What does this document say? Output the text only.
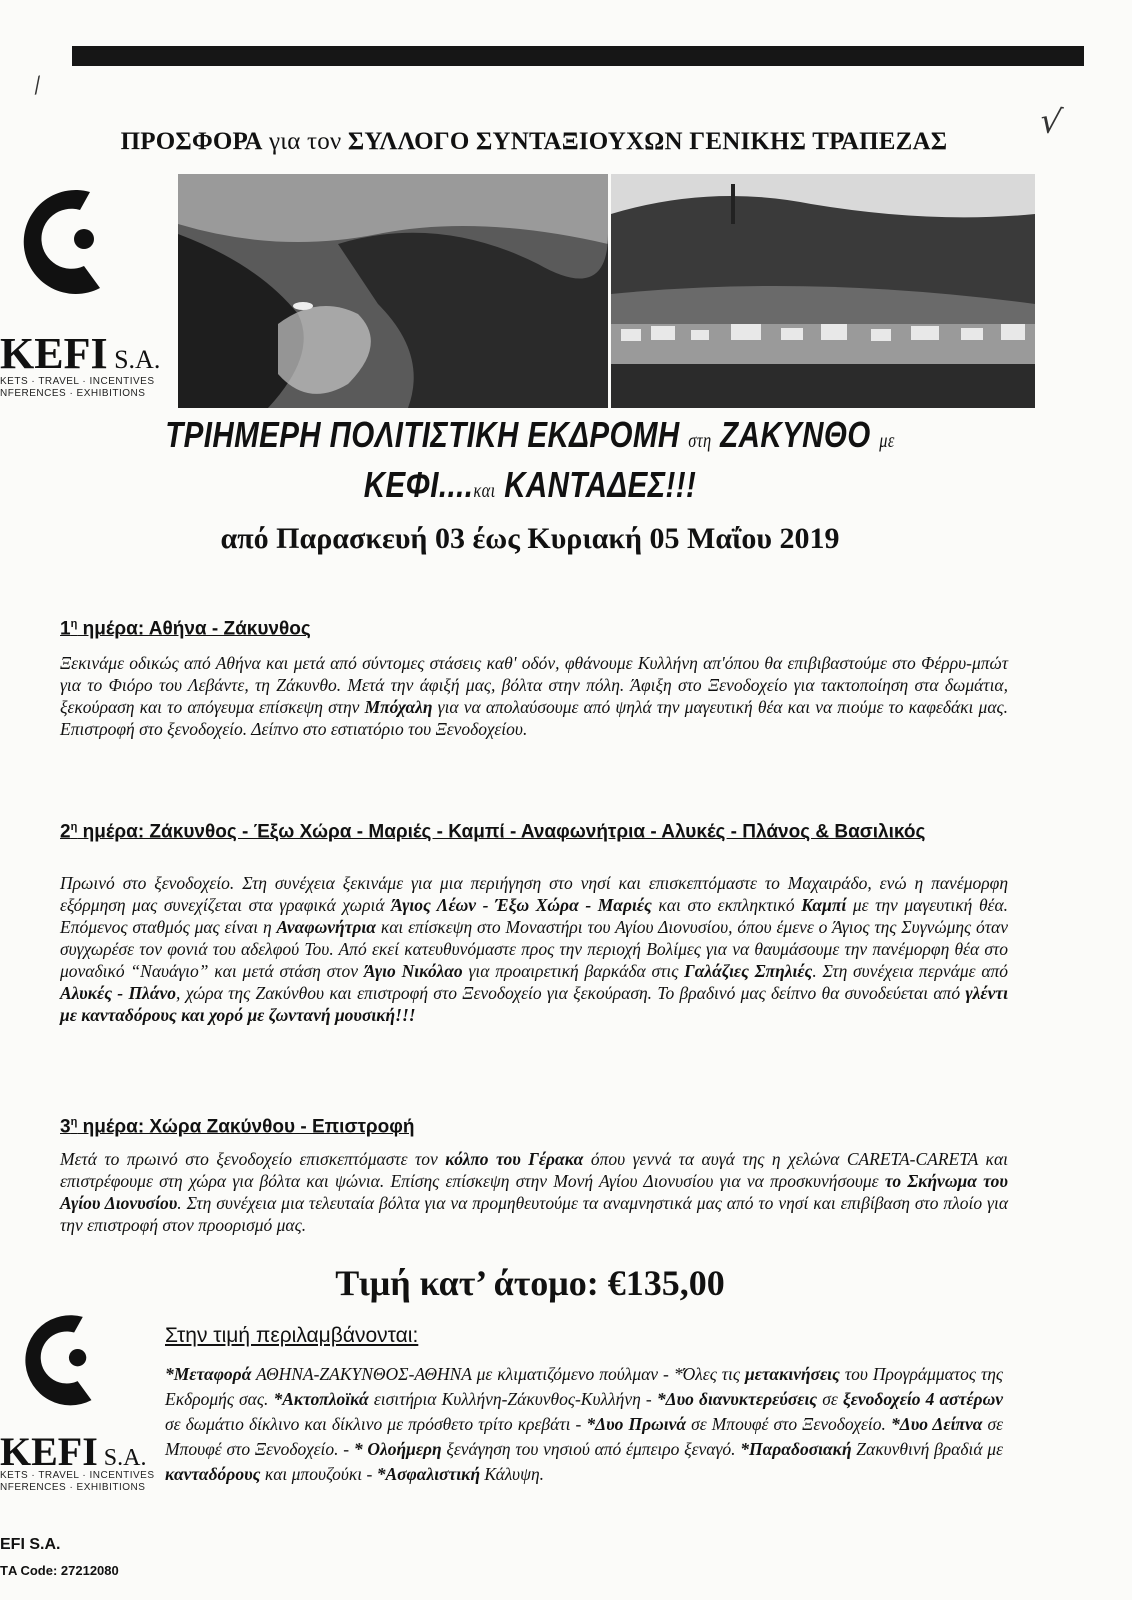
⁄
√
ΠΡΟΣΦΟΡΑ για τον ΣΥΛΛΟΓΟ ΣΥΝΤΑΞΙΟΥΧΩΝ ΓΕΝΙΚΗΣ ΤΡΑΠΕΖΑΣ
ΚEFI S.A.
ΚETS · TRAVEL · INCENTIVES
NFERENCES · EXHIBITIONS
ΤΡΙΗΜΕΡΗ ΠΟΛΙΤΙΣΤΙΚΗ ΕΚΔΡΟΜΗ στη ΖΑΚΥΝΘΟ με
ΚΕΦΙ....και ΚΑΝΤΑΔΕΣ!!!
από Παρασκευή 03 έως Κυριακή 05 Μαΐου 2019
$1^\eta$ ημέρα: Αθήνα - Ζάκυνθος
Ξεκινάμε οδικώς από Αθήνα και μετά από σύντομες στάσεις καθ' οδόν, φθάνουμε Κυλλήνη απ'όπου θα επιβιβαστούμε στο Φέρρυ-μπώτ για το Φιόρο του Λεβάντε, τη Ζάκυνθο. Μετά την άφιξή μας, βόλτα στην πόλη. Άφιξη στο Ξενοδοχείο για τακτοποίηση στα δωμάτια, ξεκούραση και το απόγευμα επίσκεψη στην Μπόχαλη για να απολαύσουμε από ψηλά την μαγευτική θέα και να πιούμε το καφεδάκι μας. Επιστροφή στο ξενοδοχείο. Δείπνο στο εστιατόριο του Ξενοδοχείου.
$2^\eta$ ημέρα: Ζάκυνθος - Έξω Χώρα - Μαριές - Καμπί - Αναφωνήτρια - Αλυκές - Πλάνος & Βασιλικός
Πρωινό στο ξενοδοχείο. Στη συνέχεια ξεκινάμε για μια περιήγηση στο νησί και επισκεπτόμαστε το Μαχαιράδο, ενώ η πανέμορφη εξόρμηση μας συνεχίζεται στα γραφικά χωριά Άγιος Λέων - Έξω Χώρα - Μαριές και στο εκπληκτικό Καμπί με την μαγευτική θέα. Επόμενος σταθμός μας είναι η Αναφωνήτρια και επίσκεψη στο Μοναστήρι του Αγίου Διονυσίου, όπου έμενε ο Άγιος της Συγνώμης όταν συγχωρέσε τον φονιά του αδελφού Του. Από εκεί κατευθυνόμαστε προς την περιοχή Βολίμες για να θαυμάσουμε την πανέμορφη θέα στο μοναδικό “Ναυάγιο” και μετά στάση στον Άγιο Νικόλαο για προαιρετική βαρκάδα στις Γαλάζιες Σπηλιές. Στη συνέχεια περνάμε από Αλυκές - Πλάνο, χώρα της Ζακύνθου και επιστροφή στο Ξενοδοχείο για ξεκούραση. Το βραδινό μας δείπνο θα συνοδεύεται από γλέντι με κανταδόρους και χορό με ζωντανή μουσική!!!
$3^\eta$ ημέρα: Χώρα Ζακύνθου - Επιστροφή
Μετά το πρωινό στο ξενοδοχείο επισκεπτόμαστε τον κόλπο του Γέρακα όπου γεννά τα αυγά της η χελώνα CARETA-CARETA και επιστρέφουμε στη χώρα για βόλτα και ψώνια. Επίσης επίσκεψη στην Μονή Αγίου Διονυσίου για να προσκυνήσουμε το Σκήνωμα του Αγίου Διονυσίου. Στη συνέχεια μια τελευταία βόλτα για να προμηθευτούμε τα αναμνηστικά μας από το νησί και επιβίβαση στο πλοίο για την επιστροφή στον προορισμό μας.
Τιμή κατ’ άτομο: €135,00
Στην τιμή περιλαμβάνονται:
*Μεταφορά ΑΘΗΝΑ-ΖΑΚΥΝΘΟΣ-ΑΘΗΝΑ με κλιματιζόμενο πούλμαν - *Όλες τις μετακινήσεις του Προγράμματος της Εκδρομής σας. *Ακτοπλοϊκά εισιτήρια Κυλλήνη-Ζάκυνθος-Κυλλήνη - *Δυο διανυκτερεύσεις σε ξενοδοχείο 4 αστέρων σε δωμάτιο δίκλινο και δίκλινο με πρόσθετο τρίτο κρεβάτι - *Δυο Πρωινά σε Μπουφέ στο Ξενοδοχείο. *Δυο Δείπνα σε Μπουφέ στο Ξενοδοχείο. - * Ολοήμερη ξενάγηση του νησιού από έμπειρο ξεναγό. *Παραδοσιακή Ζακυνθινή βραδιά με κανταδόρους και μπουζούκι - *Ασφαλιστική Κάλυψη.
ΚEFI S.A.
ΚETS · TRAVEL · INCENTIVES
NFERENCES · EXHIBITIONS
ΕFI S.A.
ΤA Code: 27212080
